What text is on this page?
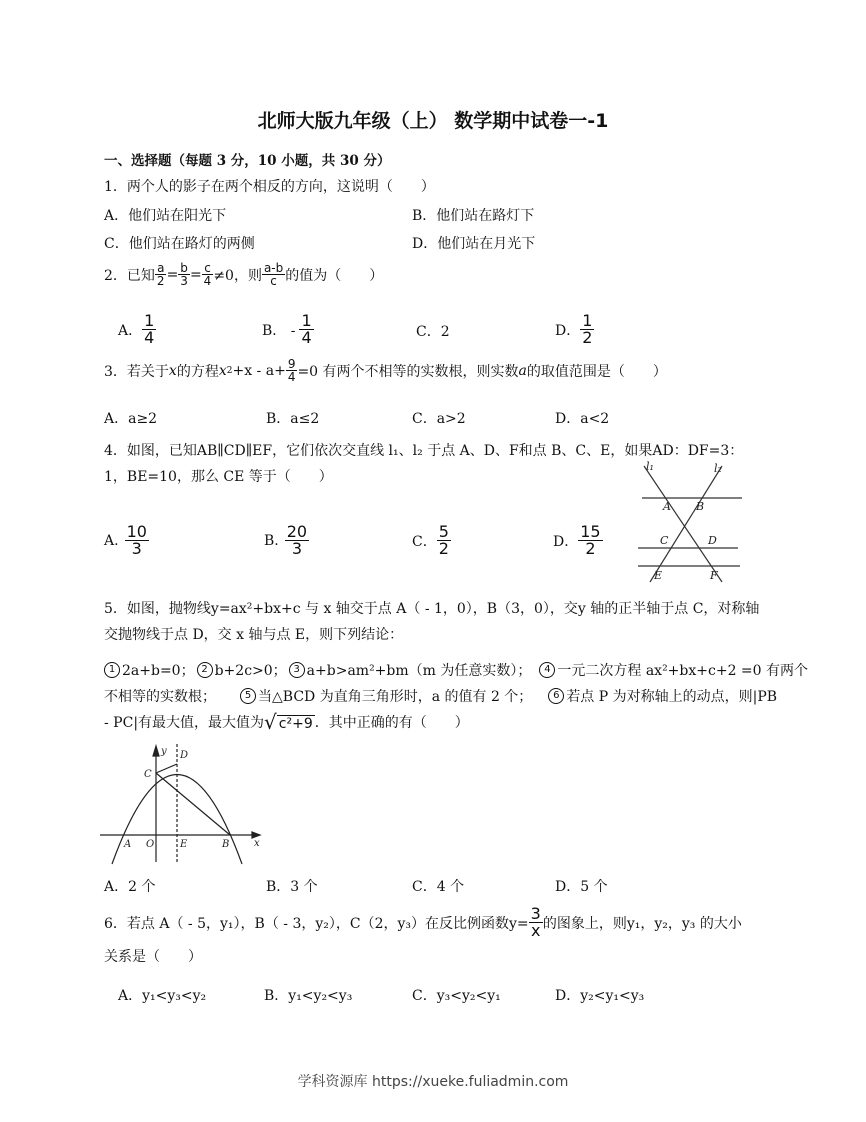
北师大版九年级（上） 数学期中试卷一-1
一、选择题（每题 3 分，10 小题，共 30 分）
1．两个人的影子在两个相反的方向，这说明（　　）
A．他们站在阳光下	B．他们站在路灯下
C．他们站在路灯的两侧	D．他们站在月光下
2．已知 $\frac{a}{2} = \frac{b}{3} = \frac{c}{4} \ne 0$，则 $\frac{a-b}{c}$ 的值为（　　）
A． $\frac{1}{4}$	B． - $\frac{1}{4}$	C．2	D． $\frac{1}{2}$
3．若关于 x 的方程 x $2 +x - a+ \frac{9}{4} =0$ 有两个不相等的实数根，则实数 a 的取值范围是（　　）
A．a≥2	B．a≤2	C．a>2	D．a<2
4．如图，已知AB∥CD∥EF，它们依次交直线 l₁、l₂ 于点 A、D、F和点 B、C、E，如果AD：DF=3：
1，BE=10，那么 CE 等于（　　）
A. $\frac{10}{3}$	B. $\frac{20}{3}$	C． $\frac{5}{2}$	D． $\frac{15}{2}$
l₁	l₂
A B
C	D
E	F
5．如图，抛物线y=ax²+bx+c 与 x 轴交于点 A（ - 1，0），B（3，0），交y 轴的正半轴于点 C，对称轴
交抛物线于点 D，交 x 轴与点 E，则下列结论：
1 2a+b=0； 2 b+2c>0； 3 a+b>am²+bm（m 为任意实数）；	4 一元二次方程 ax²+bx+c+2 =0 有两个
不相等的实数根；	5 当△BCD 为直角三角形时，a 的值有 2 个；	6 若点 P 为对称轴上的动点，则|PB
- PC|有最大值，最大值为 √ c²+9 ．其中正确的有（　　）
y
x
D
C
A O	E	B
A．2 个	B．3 个	C．4 个	D．5 个
6．若点 A（ - 5，y₁），B（ - 3，y₂），C（2，y₃）在反比例函数$y= \frac{3}{x}$ 的图象上，则y₁，y₂，y₃ 的大小
关系是（　　）
A．y₁<y₃<y₂	B．y₁<y₂<y₃	C．y₃<y₂<y₁	D．y₂<y₁<y₃
学科资源库 https://xueke.fuliadmin.com
